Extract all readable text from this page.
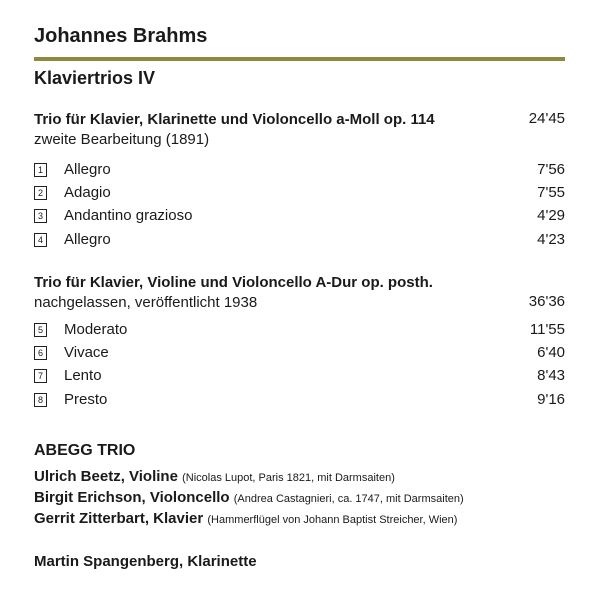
Johannes Brahms
Klaviertrios IV
Trio für Klavier, Klarinette und Violoncello a-Moll op. 114
zweite Bearbeitung (1891)
24'45
1 Allegro	7'56
2 Adagio	7'55
3 Andantino grazioso	4'29
4 Allegro	4'23
Trio für Klavier, Violine und Violoncello A-Dur op. posth.
nachgelassen, veröffentlicht 1938	36'36
5 Moderato	11'55
6 Vivace	6'40
7 Lento	8'43
8 Presto	9'16
ABEGG TRIO
Ulrich Beetz, Violine (Nicolas Lupot, Paris 1821, mit Darmsaiten)
Birgit Erichson, Violoncello (Andrea Castagnieri, ca. 1747, mit Darmsaiten)
Gerrit Zitterbart, Klavier (Hammerflügel von Johann Baptist Streicher, Wien)
Martin Spangenberg, Klarinette
